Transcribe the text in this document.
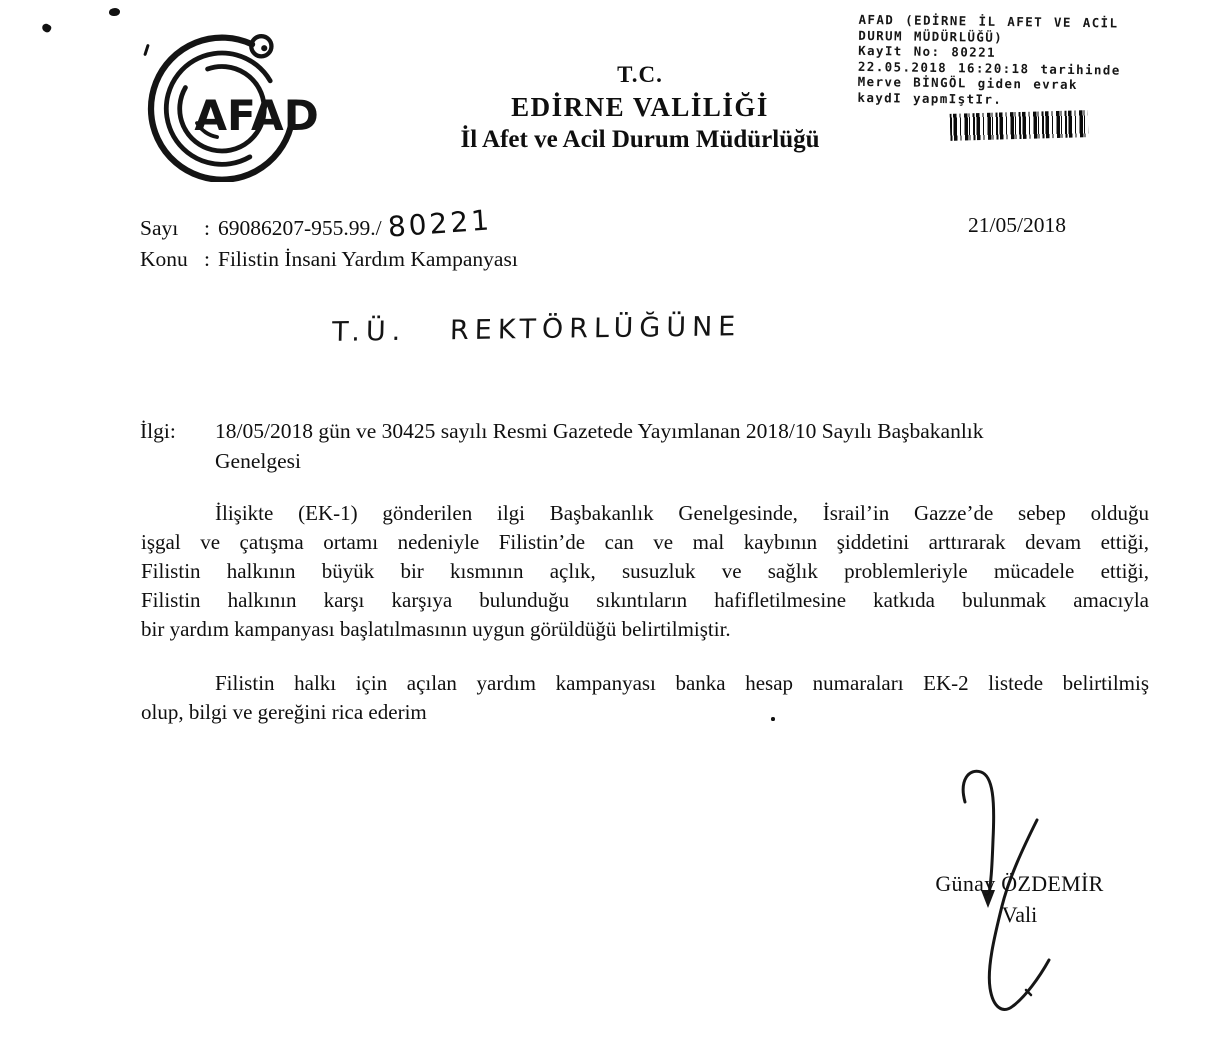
AFAD
T.C.
EDİRNE VALİLİĞİ
İl Afet ve Acil Durum Müdürlüğü
AFAD (EDİRNE İL AFET VE ACİL
DURUM MÜDÜRLÜĞÜ)
KayIt No: 80221
22.05.2018 16:20:18 tarihinde
Merve BİNGÖL giden evrak
kaydI yapmIştIr.
Sayı	: 69086207-955.99./ 80221
Konu : Filistin İnsani Yardım Kampanyası
21/05/2018
T.Ü.   REKTÖRLÜĞÜNE
İlgi:	18/05/2018 gün ve 30425 sayılı Resmi Gazetede Yayımlanan 2018/10 Sayılı Başbakanlık
Genelgesi
İlişikte (EK-1) gönderilen ilgi Başbakanlık Genelgesinde, İsrail’in Gazze’de sebep olduğu
işgal ve çatışma ortamı nedeniyle Filistin’de can ve mal kaybının şiddetini arttırarak devam ettiği,
Filistin halkının büyük bir kısmının açlık, susuzluk ve sağlık problemleriyle mücadele ettiği,
Filistin halkının karşı karşıya bulunduğu sıkıntıların hafifletilmesine katkıda bulunmak amacıyla
bir yardım kampanyası başlatılmasının uygun görüldüğü belirtilmiştir.
Filistin halkı için açılan yardım kampanyası banka hesap numaraları EK-2 listede belirtilmiş
olup, bilgi ve gereğini rica ederim
Günay ÖZDEMİR
Vali
